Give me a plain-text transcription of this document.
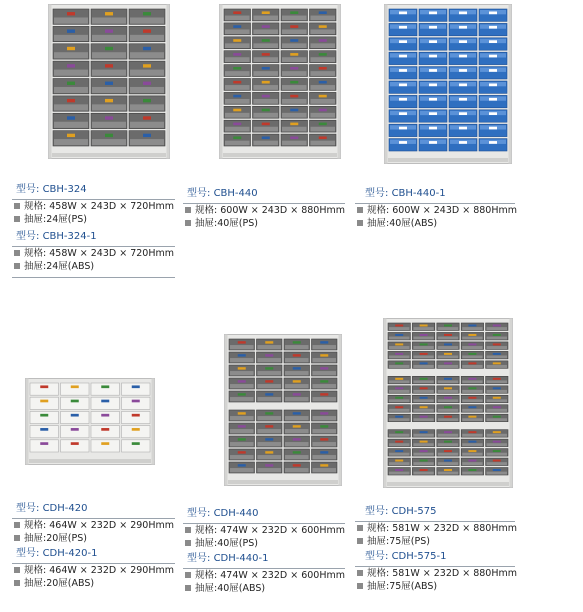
型号: CBH-324
规格: 458W × 243D × 720Hmm
抽屉:24屉(PS)
型号: CBH-324-1
规格: 458W × 243D × 720Hmm
抽屉:24屉(ABS)
型号: CBH-440
规格: 600W × 243D × 880Hmm
抽屉:40屉(PS)
型号: CBH-440-1
规格: 600W × 243D × 880Hmm
抽屉:40屉(ABS)
型号: CDH-420
规格: 464W × 232D × 290Hmm
抽屉:20屉(PS)
型号: CDH-420-1
规格: 464W × 232D × 290Hmm
抽屉:20屉(ABS)
型号: CDH-440
规格: 474W × 232D × 600Hmm
抽屉:40屉(PS)
型号: CDH-440-1
规格: 474W × 232D × 600Hmm
抽屉:40屉(ABS)
型号: CDH-575
规格: 581W × 232D × 880Hmm
抽屉:75屉(PS)
型号: CDH-575-1
规格: 581W × 232D × 880Hmm
抽屉:75屉(ABS)
